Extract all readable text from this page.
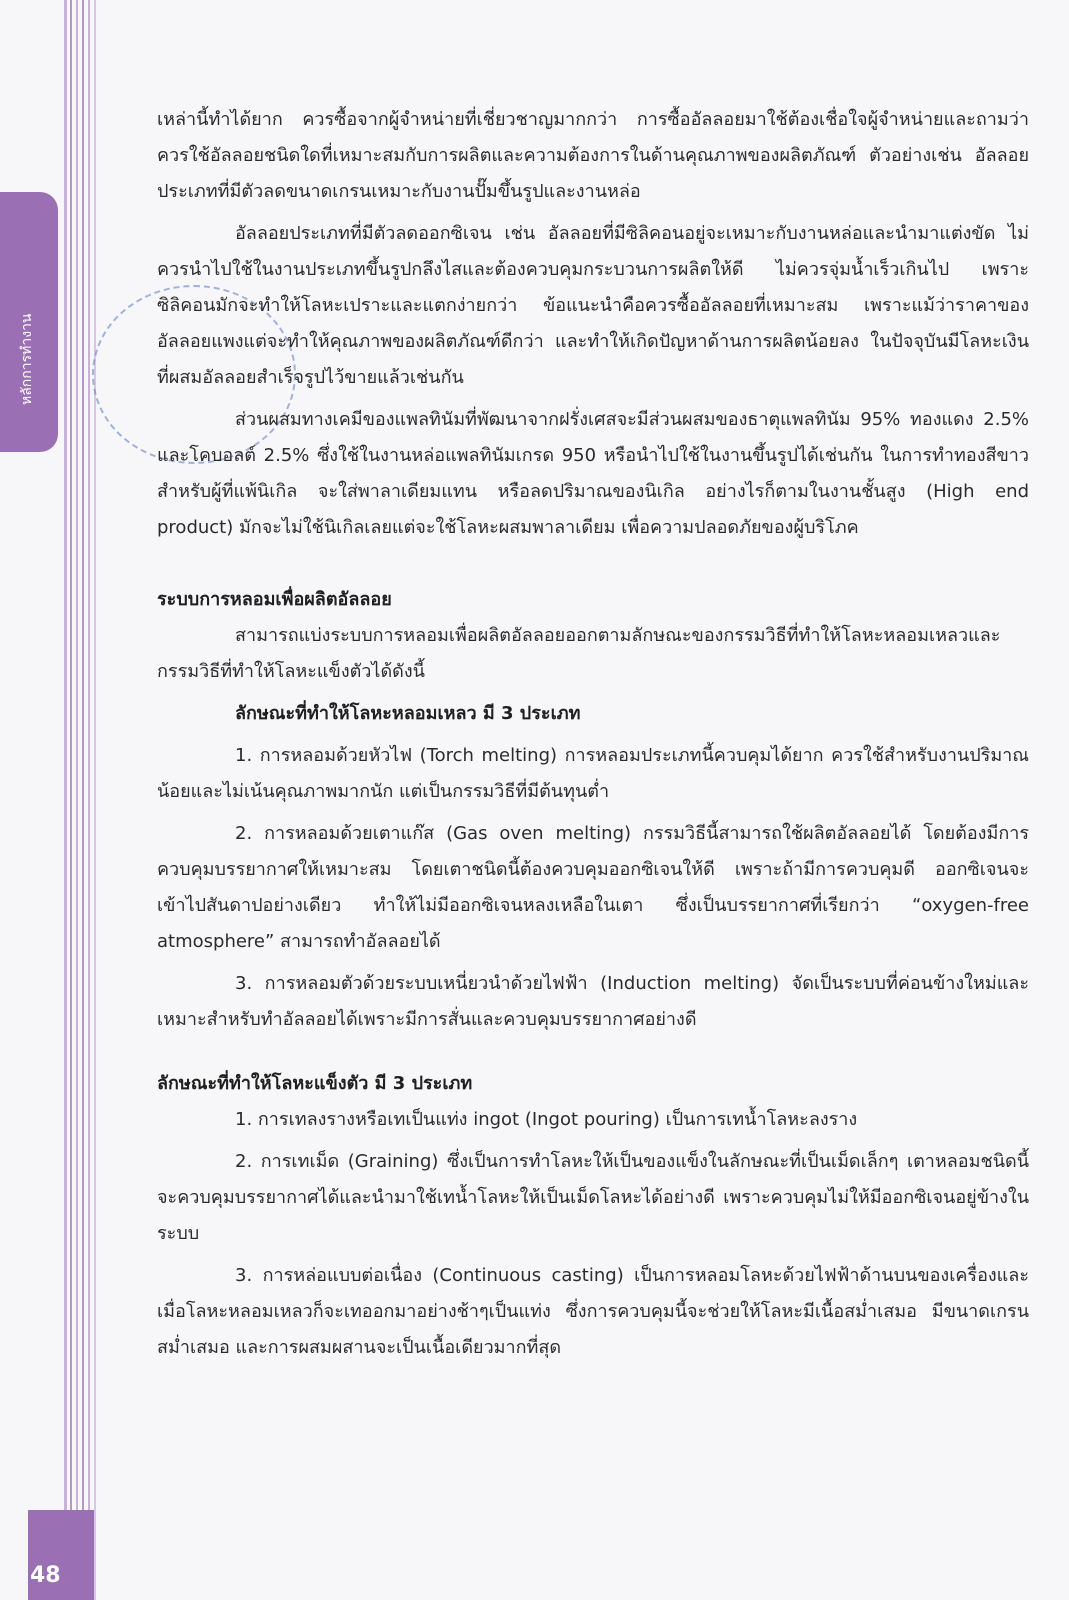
หลักการทำงาน
48

เหล่านี้ทำได้ยาก ควรซื้อจากผู้จำหน่ายที่เชี่ยวชาญมากกว่า การซื้ออัลลอยมาใช้ต้องเชื่อใจผู้จำหน่ายและถามว่าควรใช้อัลลอยชนิดใดที่เหมาะสมกับการผลิตและความต้องการในด้านคุณภาพของผลิตภัณฑ์ ตัวอย่างเช่น อัลลอยประเภทที่มีตัวลดขนาดเกรนเหมาะกับงานปั๊มขึ้นรูปและงานหล่อ

อัลลอยประเภทที่มีตัวลดออกซิเจน เช่น อัลลอยที่มีซิลิคอนอยู่จะเหมาะกับงานหล่อและนำมาแต่งขัด ไม่ควรนำไปใช้ในงานประเภทขึ้นรูปกลึงไสและต้องควบคุมกระบวนการผลิตให้ดี ไม่ควรจุ่มน้ำเร็วเกินไป เพราะซิลิคอนมักจะทำให้โลหะเปราะและแตกง่ายกว่า ข้อแนะนำคือควรซื้ออัลลอยที่เหมาะสม เพราะแม้ว่าราคาของอัลลอยแพงแต่จะทำให้คุณภาพของผลิตภัณฑ์ดีกว่า และทำให้เกิดปัญหาด้านการผลิตน้อยลง ในปัจจุบันมีโลหะเงินที่ผสมอัลลอยสำเร็จรูปไว้ขายแล้วเช่นกัน

ส่วนผสมทางเคมีของแพลทินัมที่พัฒนาจากฝรั่งเศสจะมีส่วนผสมของธาตุแพลทินัม 95% ทองแดง 2.5% และโคบอลต์ 2.5% ซึ่งใช้ในงานหล่อแพลทินัมเกรด 950 หรือนำไปใช้ในงานขึ้นรูปได้เช่นกัน ในการทำทองสีขาว สำหรับผู้ที่แพ้นิเกิล จะใส่พาลาเดียมแทน หรือลดปริมาณของนิเกิล อย่างไรก็ตามในงานชั้นสูง (High end product) มักจะไม่ใช้นิเกิลเลยแต่จะใช้โลหะผสมพาลาเดียม เพื่อความปลอดภัยของผู้บริโภค

ระบบการหลอมเพื่อผลิตอัลลอย

สามารถแบ่งระบบการหลอมเพื่อผลิตอัลลอยออกตามลักษณะของกรรมวิธีที่ทำให้โลหะหลอมเหลวและกรรมวิธีที่ทำให้โลหะแข็งตัวได้ดังนี้

ลักษณะที่ทำให้โลหะหลอมเหลว มี 3 ประเภท

1. การหลอมด้วยหัวไฟ (Torch melting) การหลอมประเภทนี้ควบคุมได้ยาก ควรใช้สำหรับงานปริมาณน้อยและไม่เน้นคุณภาพมากนัก แต่เป็นกรรมวิธีที่มีต้นทุนต่ำ

2. การหลอมด้วยเตาแก๊ส (Gas oven melting) กรรมวิธีนี้สามารถใช้ผลิตอัลลอยได้ โดยต้องมีการควบคุมบรรยากาศให้เหมาะสม โดยเตาชนิดนี้ต้องควบคุมออกซิเจนให้ดี เพราะถ้ามีการควบคุมดี ออกซิเจนจะเข้าไปสันดาปอย่างเดียว ทำให้ไม่มีออกซิเจนหลงเหลือในเตา ซึ่งเป็นบรรยากาศที่เรียกว่า “oxygen-free atmosphere” สามารถทำอัลลอยได้

3. การหลอมตัวด้วยระบบเหนี่ยวนำด้วยไฟฟ้า (Induction melting) จัดเป็นระบบที่ค่อนข้างใหม่และเหมาะสำหรับทำอัลลอยได้เพราะมีการสั่นและควบคุมบรรยากาศอย่างดี

ลักษณะที่ทำให้โลหะแข็งตัว มี 3 ประเภท

1. การเทลงรางหรือเทเป็นแท่ง ingot (Ingot pouring) เป็นการเทน้ำโลหะลงราง

2. การเทเม็ด (Graining) ซึ่งเป็นการทำโลหะให้เป็นของแข็งในลักษณะที่เป็นเม็ดเล็กๆ เตาหลอมชนิดนี้จะควบคุมบรรยากาศได้และนำมาใช้เทน้ำโลหะให้เป็นเม็ดโลหะได้อย่างดี เพราะควบคุมไม่ให้มีออกซิเจนอยู่ข้างในระบบ

3. การหล่อแบบต่อเนื่อง (Continuous casting) เป็นการหลอมโลหะด้วยไฟฟ้าด้านบนของเครื่องและเมื่อโลหะหลอมเหลวก็จะเทออกมาอย่างช้าๆเป็นแท่ง ซึ่งการควบคุมนี้จะช่วยให้โลหะมีเนื้อสม่ำเสมอ มีขนาดเกรนสม่ำเสมอ และการผสมผสานจะเป็นเนื้อเดียวมากที่สุด
